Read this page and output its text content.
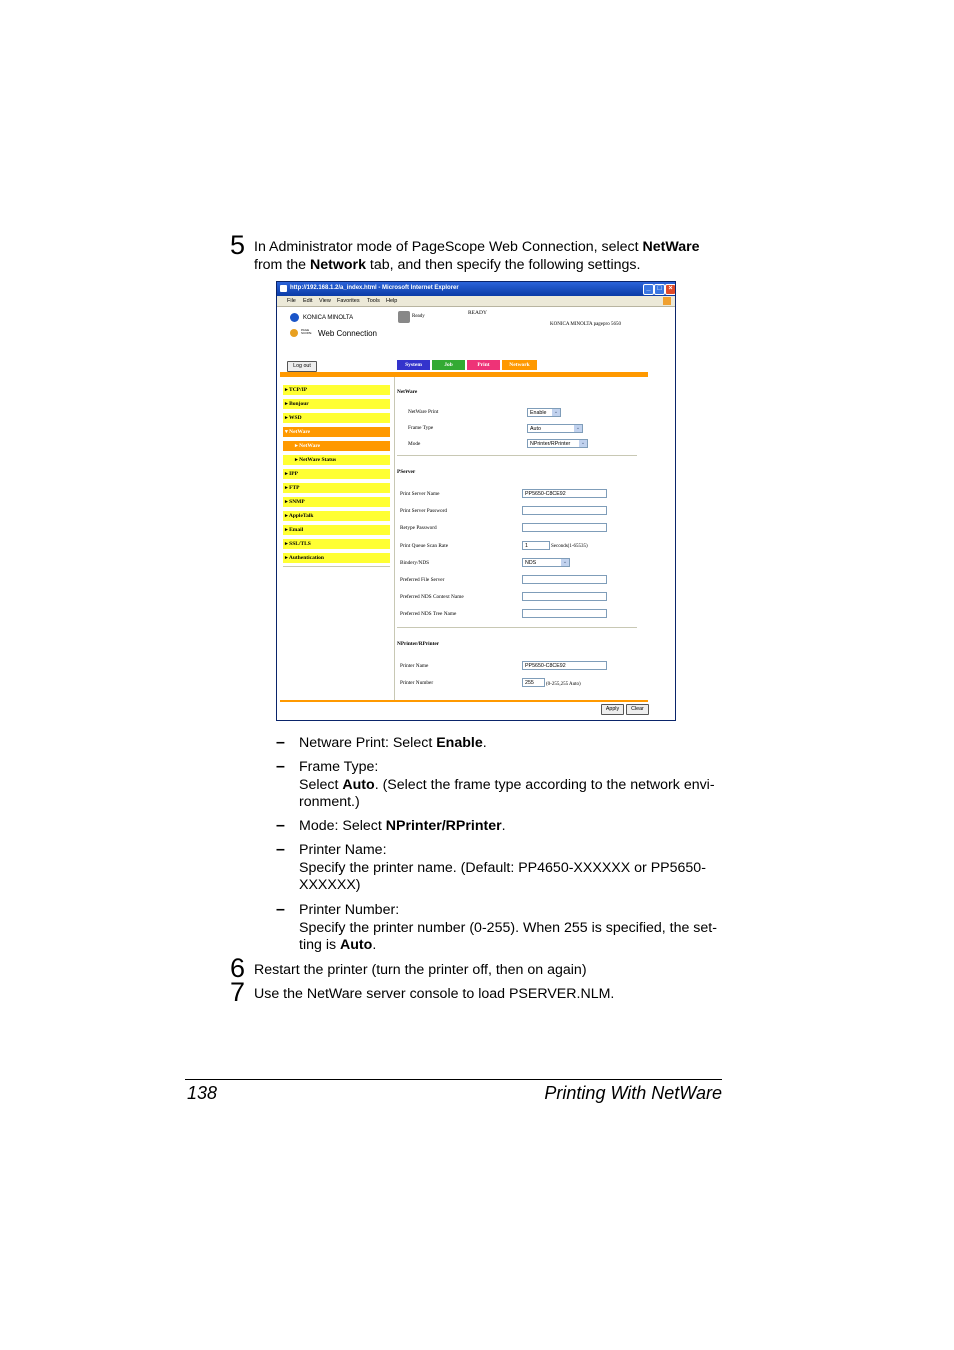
5 In Administrator mode of PageScope Web Connection, select NetWare
from the Network tab, and then specify the following settings.
http://192.168.1.2/a_index.html - Microsoft Internet Explorer	_ □ ×
File Edit View Favorites Tools Help
KONICA MINOLTA
PAGE SCOPE Web Connection
Ready
READY
KONICA MINOLTA pagepro 5650
Log out	System	Job	Print	Network
▸ TCP/IP
▸ Bonjour
▸ WSD
▾ NetWare
▸ NetWare
▸ NetWare Status
▸ IPP
▸ FTP
▸ SNMP
▸ AppleTalk
▸ Email
▸ SSL/TLS
▸ Authentication
NetWare
NetWare Print	Enable	⌄
Frame Type	Auto	⌄
Mode	NPrinter/RPrinter	⌄
PServer
Print Server Name	PP5650-C8CE92
Print Server Password
Retype Password
Print Queue Scan Rate	1	Seconds(1-65535)
Bindery/NDS	NDS	⌄
Preferred File Server
Preferred NDS Context Name
Preferred NDS Tree Name
NPrinter/RPrinter
Printer Name	PP5650-C8CE92
Printer Number	255	(0-255,255 Auto)
Apply	Clear
– Netware Print: Select Enable.
– Frame Type:
Select Auto. (Select the frame type according to the network envi-
ronment.)
– Mode: Select NPrinter/RPrinter.
– Printer Name:
Specify the printer name. (Default: PP4650-XXXXXX or PP5650-
XXXXXX)
– Printer Number:
Specify the printer number (0-255). When 255 is specified, the set-
ting is Auto.
6 Restart the printer (turn the printer off, then on again)
7 Use the NetWare server console to load PSERVER.NLM.
138	Printing With NetWare
